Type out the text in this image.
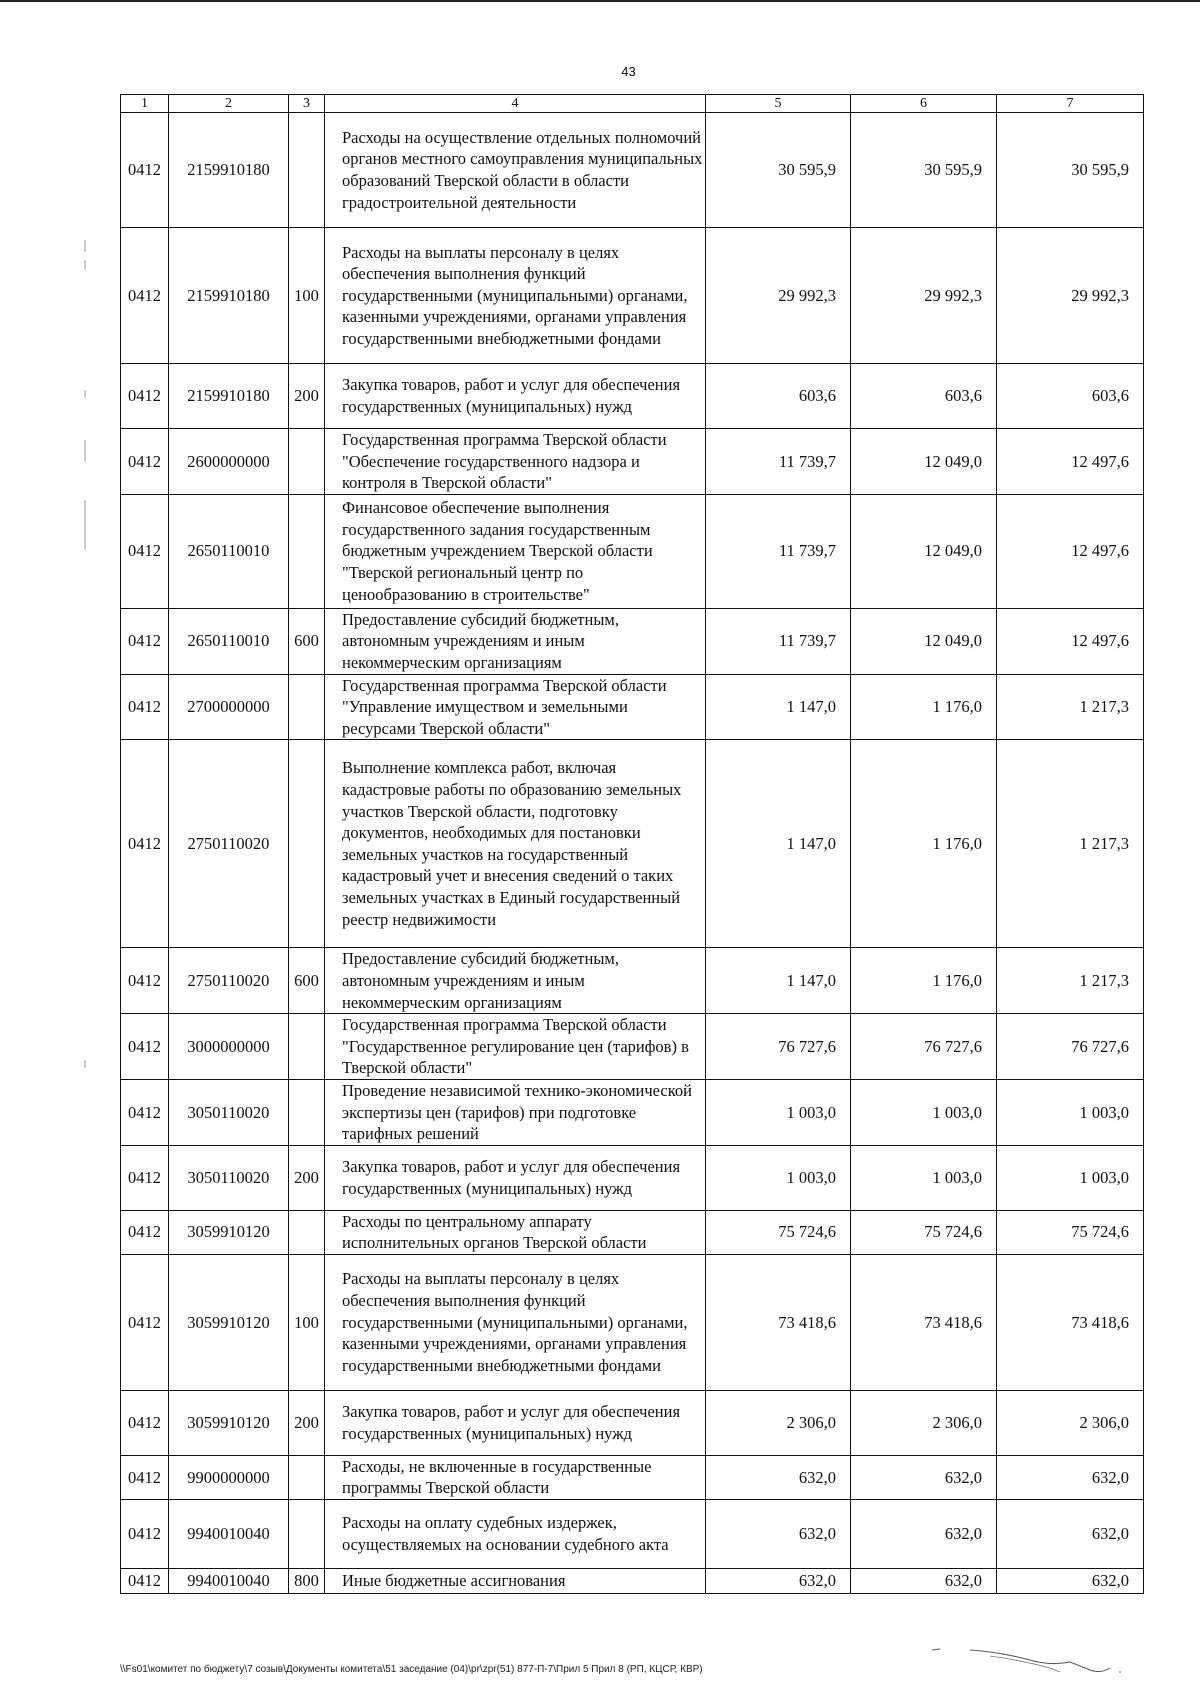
43
1	2	3	4	5	6	7
0412	2159910180		Расходы на осуществление отдельных полномочий органов местного самоуправления муниципальных образований Тверской области в области градостроительной деятельности	30 595,9	30 595,9	30 595,9
0412	2159910180	100	Расходы на выплаты персоналу в целях обеспечения выполнения функций государственными (муниципальными) органами, казенными учреждениями, органами управления государственными внебюджетными фондами	29 992,3	29 992,3	29 992,3
0412	2159910180	200	Закупка товаров, работ и услуг для обеспечения государственных (муниципальных) нужд	603,6	603,6	603,6
0412	2600000000		Государственная программа Тверской области "Обеспечение государственного надзора и контроля в Тверской области"	11 739,7	12 049,0	12 497,6
0412	2650110010		Финансовое обеспечение выполнения государственного задания государственным бюджетным учреждением Тверской области "Тверской региональный центр по ценообразованию в строительстве"	11 739,7	12 049,0	12 497,6
0412	2650110010	600	Предоставление субсидий бюджетным, автономным учреждениям и иным некоммерческим организациям	11 739,7	12 049,0	12 497,6
0412	2700000000		Государственная программа Тверской области "Управление имуществом и земельными ресурсами Тверской области"	1 147,0	1 176,0	1 217,3
0412	2750110020		Выполнение комплекса работ, включая кадастровые работы по образованию земельных участков Тверской области, подготовку документов, необходимых для постановки земельных участков на государственный кадастровый учет и внесения сведений о таких земельных участках в Единый государственный реестр недвижимости	1 147,0	1 176,0	1 217,3
0412	2750110020	600	Предоставление субсидий бюджетным, автономным учреждениям и иным некоммерческим организациям	1 147,0	1 176,0	1 217,3
0412	3000000000		Государственная программа Тверской области "Государственное регулирование цен (тарифов) в Тверской области"	76 727,6	76 727,6	76 727,6
0412	3050110020		Проведение независимой технико-экономической экспертизы цен (тарифов) при подготовке тарифных решений	1 003,0	1 003,0	1 003,0
0412	3050110020	200	Закупка товаров, работ и услуг для обеспечения государственных (муниципальных) нужд	1 003,0	1 003,0	1 003,0
0412	3059910120		Расходы по центральному аппарату исполнительных органов Тверской области	75 724,6	75 724,6	75 724,6
0412	3059910120	100	Расходы на выплаты персоналу в целях обеспечения выполнения функций государственными (муниципальными) органами, казенными учреждениями, органами управления государственными внебюджетными фондами	73 418,6	73 418,6	73 418,6
0412	3059910120	200	Закупка товаров, работ и услуг для обеспечения государственных (муниципальных) нужд	2 306,0	2 306,0	2 306,0
0412	9900000000		Расходы, не включенные в государственные программы Тверской области	632,0	632,0	632,0
0412	9940010040		Расходы на оплату судебных издержек, осуществляемых на основании судебного акта	632,0	632,0	632,0
0412	9940010040	800	Иные бюджетные ассигнования	632,0	632,0	632,0
\\Fs01\комитет по бюджету\7 созыв\Документы комитета\51 заседание (04)\pr\zpr(51) 877-П-7\Прил 5 Прил 8 (РП, КЦСР, КВР)
